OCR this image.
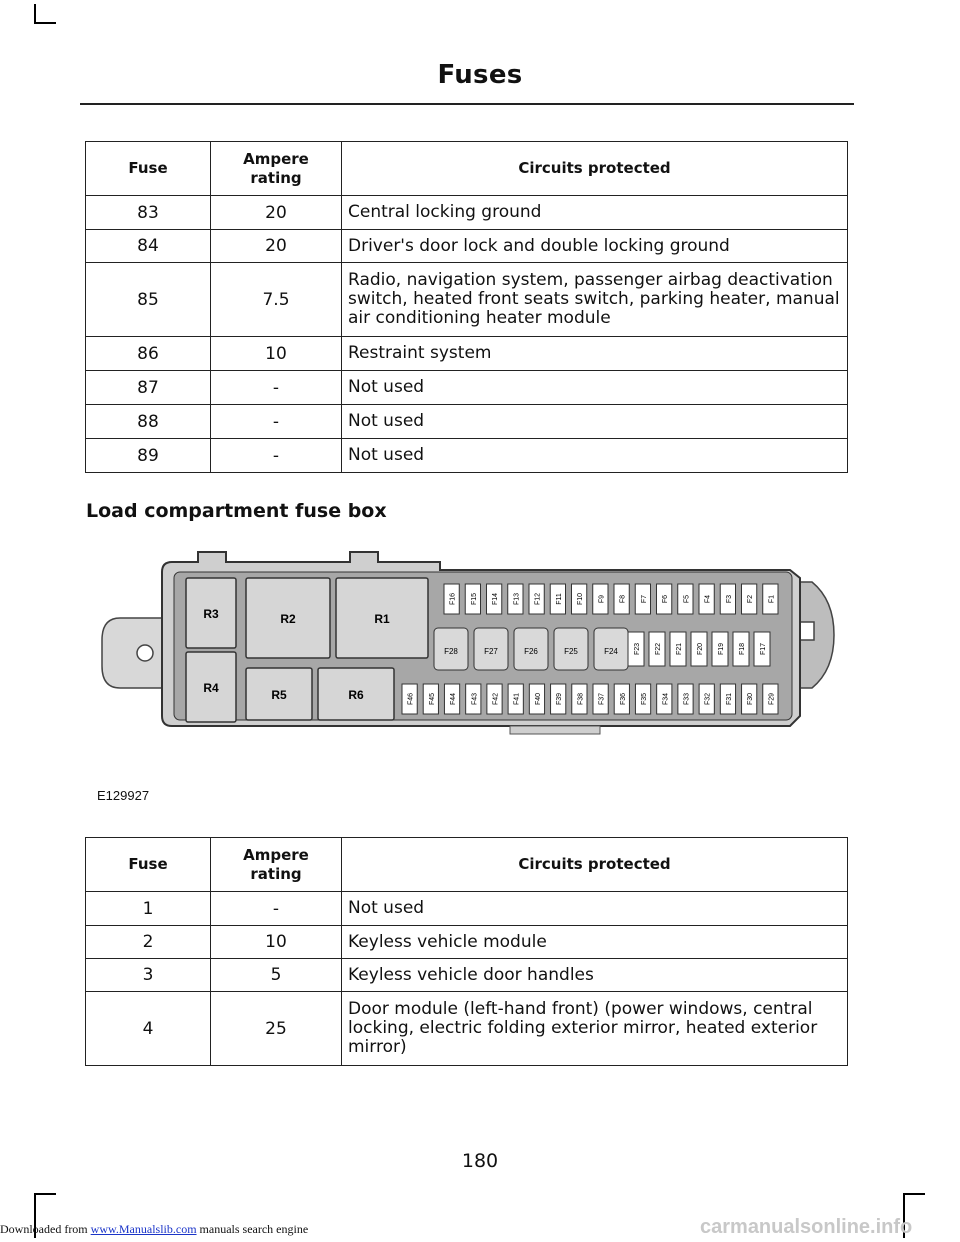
Fuses
Fuse	Ampere rating	Circuits protected
83	20	Central locking ground
84	20	Driver's door lock and double locking ground
85	7.5	Radio, navigation system, passenger airbag deactivation switch, heated front seats switch, parking heater, manual air conditioning heater module
86	10	Restraint system
87	-	Not used
88	-	Not used
89	-	Not used
Load compartment fuse box
R3	R2	R1
R4	R5	R6
F16 F15 F14 F13 F12 F11 F10 F9 F8 F7 F6 F5 F4 F3 F2 F1
F28	F27	F26	F25	F24 F23 F22 F21 F20 F19 F18 F17
F46 F45 F44 F43 F42 F41 F40 F39 F38 F37 F36 F35 F34 F33 F32 F31 F30 F29
E129927
Fuse	Ampere rating	Circuits protected
1	-	Not used
2	10	Keyless vehicle module
3	5	Keyless vehicle door handles
4	25	Door module (left-hand front) (power windows, central locking, electric folding exterior mirror, heated exterior mirror)
180
Downloaded from www.Manualslib.com manuals search engine	carmanualsonline.info
